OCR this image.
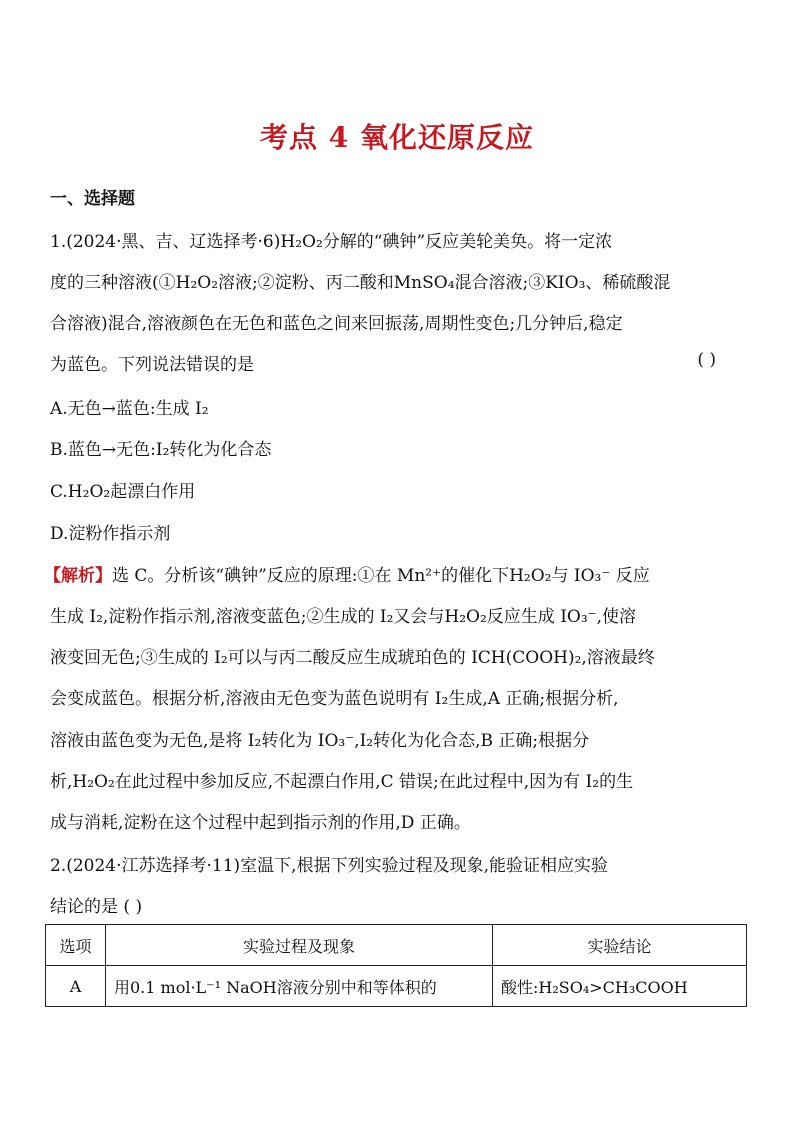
考点 4 氧化还原反应
一、选择题
1.(2024·黑、吉、辽选择考·6)H₂O₂分解的“碘钟”反应美轮美奂。将一定浓
度的三种溶液(①H₂O₂溶液;②淀粉、丙二酸和MnSO₄混合溶液;③KIO₃、稀硫酸混
合溶液)混合,溶液颜色在无色和蓝色之间来回振荡,周期性变色;几分钟后,稳定
为蓝色。下列说法错误的是	( )
A.无色→蓝色:生成 I₂
B.蓝色→无色:I₂转化为化合态
C.H₂O₂起漂白作用
D.淀粉作指示剂
【解析】选 C。分析该“碘钟”反应的原理:①在 Mn²⁺的催化下H₂O₂与 IO₃⁻ 反应
生成 I₂,淀粉作指示剂,溶液变蓝色;②生成的 I₂又会与H₂O₂反应生成 IO₃⁻,使溶
液变回无色;③生成的 I₂可以与丙二酸反应生成琥珀色的 ICH(COOH)₂,溶液最终
会变成蓝色。根据分析,溶液由无色变为蓝色说明有 I₂生成,A 正确;根据分析,
溶液由蓝色变为无色,是将 I₂转化为 IO₃⁻,I₂转化为化合态,B 正确;根据分
析,H₂O₂在此过程中参加反应,不起漂白作用,C 错误;在此过程中,因为有 I₂的生
成与消耗,淀粉在这个过程中起到指示剂的作用,D 正确。
2.(2024·江苏选择考·11)室温下,根据下列实验过程及现象,能验证相应实验
结论的是 ( )
选项	实验过程及现象	实验结论
A	用0.1 mol·L⁻¹ NaOH溶液分别中和等体积的	酸性:H₂SO₄>CH₃COOH
